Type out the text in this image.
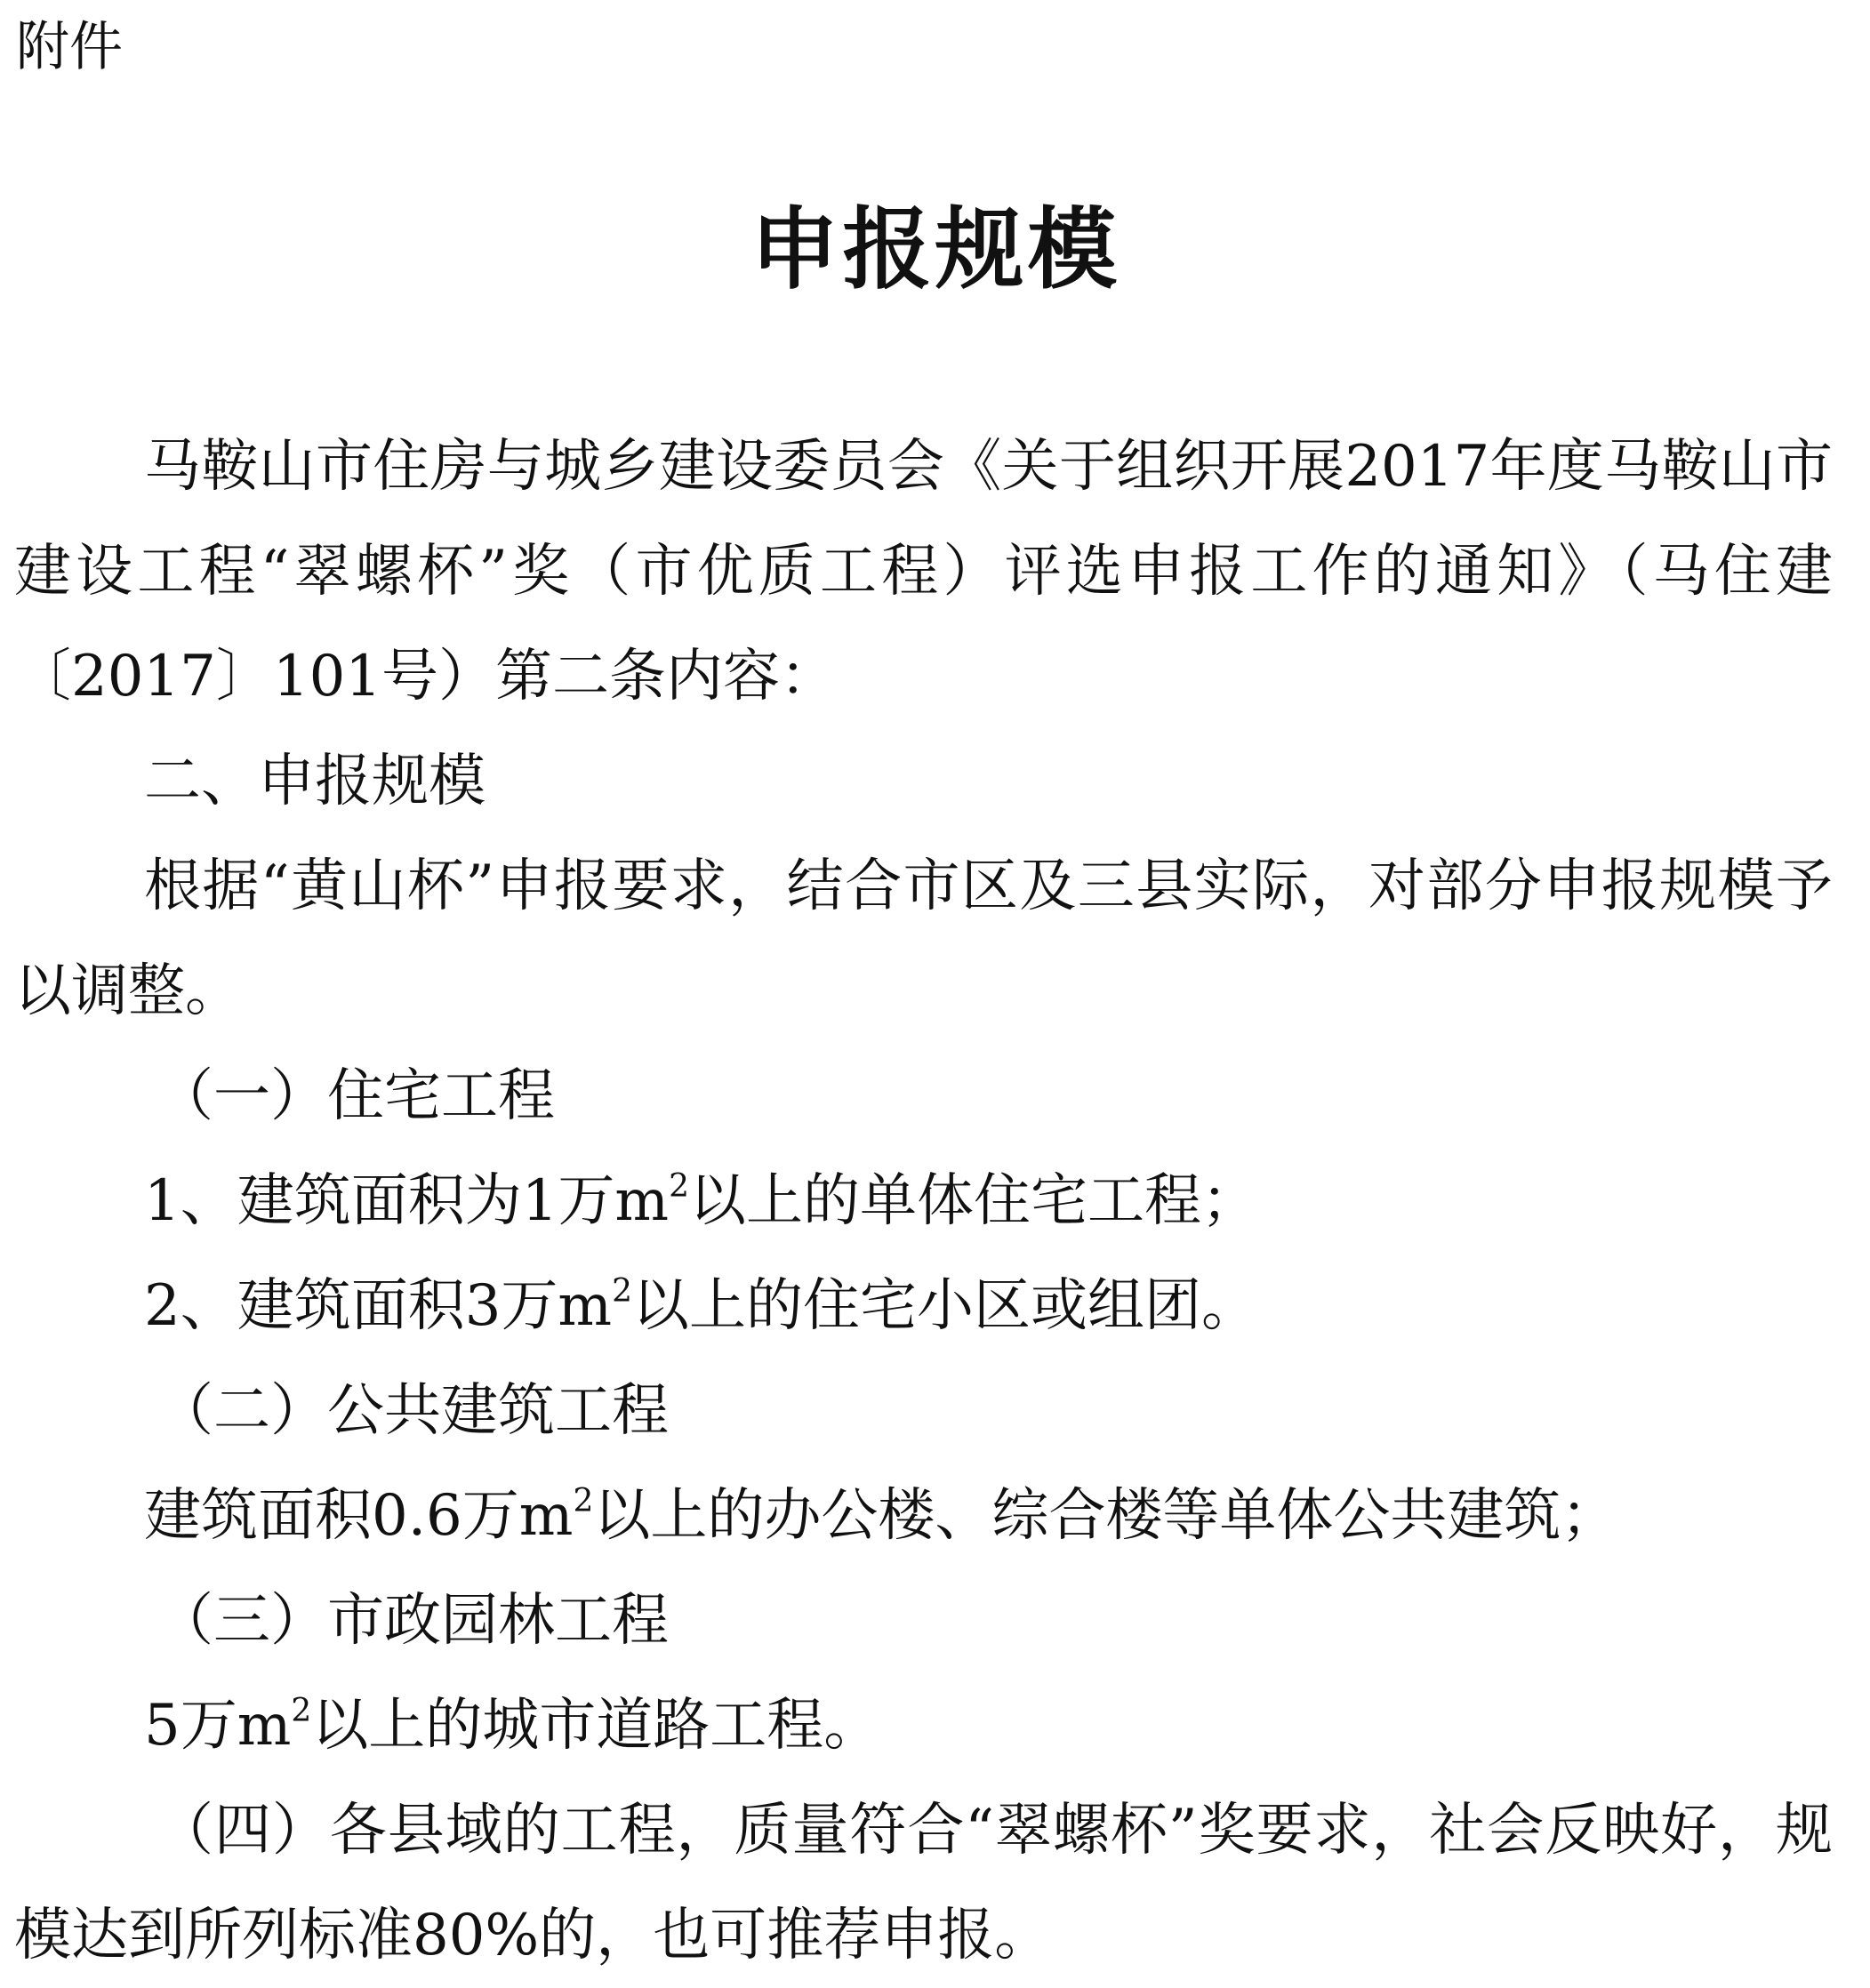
附件
申报规模

马鞍山市住房与城乡建设委员会《关于组织开展2017年度马鞍山市建设工程“翠螺杯”奖（市优质工程）评选申报工作的通知》（马住建〔2017〕101号）第二条内容：

二、申报规模

根据“黄山杯”申报要求，结合市区及三县实际，对部分申报规模予以调整。

（一）住宅工程

1、建筑面积为1万$m^2$以上的单体住宅工程；

2、建筑面积3万$m^2$以上的住宅小区或组团。

（二）公共建筑工程

建筑面积0.6万$m^2$以上的办公楼、综合楼等单体公共建筑；

（三）市政园林工程

5万$m^2$以上的城市道路工程。

（四）各县域的工程，质量符合“翠螺杯”奖要求，社会反映好，规模达到所列标准80%的，也可推荐申报。
